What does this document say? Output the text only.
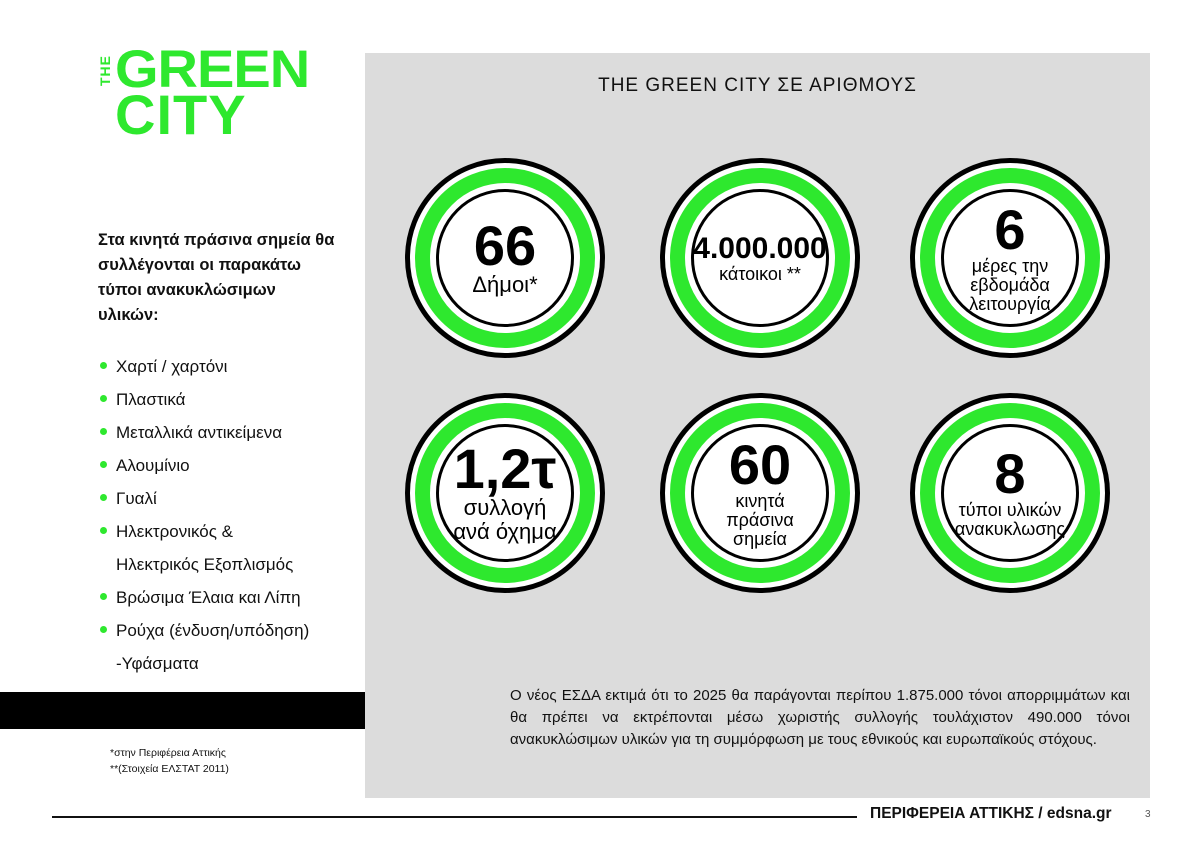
THE GREEN
CITY
Στα κινητά πράσινα σημεία θα συλλέγονται οι παρακάτω τύποι ανακυκλώσιμων υλικών:
Χαρτί / χαρτόνι
Πλαστικά
Μεταλλικά αντικείμενα
Αλουμίνιο
Γυαλί
Ηλεκτρονικός &
Ηλεκτρικός Εξοπλισμός
Βρώσιμα Έλαια και Λίπη
Ρούχα (ένδυση/υπόδηση)
-Υφάσματα
*στην Περιφέρεια Αττικής
**(Στοιχεία ΕΛΣΤΑΤ 2011)
THE GREEN CITY ΣΕ ΑΡΙΘΜΟΥΣ
66
Δήμοι*
4.000.000
κάτοικοι **
6
μέρες την
εβδομάδα
λειτουργία
1,2τ
συλλογή
ανά όχημα
60
κινητά
πράσινα
σημεία
8
τύποι υλικών
ανακυκλωσης
Ο νέος ΕΣΔΑ εκτιμά ότι το 2025 θα παράγονται περίπου 1.875.000 τόνοι απορριμμάτων και θα πρέπει να εκτρέπονται μέσω χωριστής συλλογής τουλάχιστον 490.000 τόνοι ανακυκλώσιμων υλικών για τη συμμόρφωση με τους εθνικούς και ευρωπαϊκούς στόχους.
ΠΕΡΙΦΕΡΕΙΑ ΑΤΤΙΚΗΣ / edsna.gr	3
